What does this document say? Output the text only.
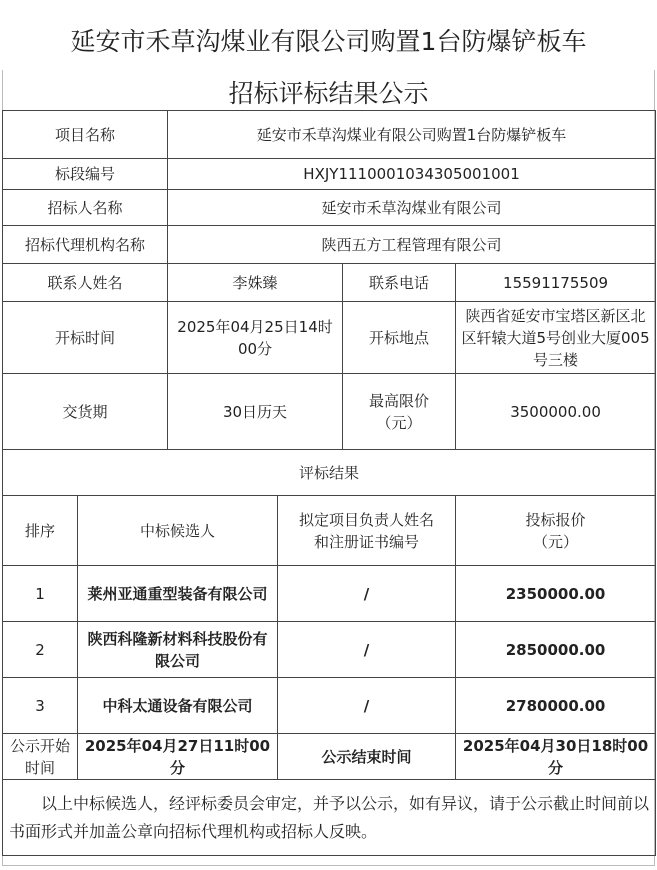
延安市禾草沟煤业有限公司购置1台防爆铲板车
招标评标结果公示
项目名称		延安市禾草沟煤业有限公司购置1台防爆铲板车			
标段编号		HXJY1110001034305001001			
招标人名称		延安市禾草沟煤业有限公司			
招标代理机构名称		陕西五方工程管理有限公司			
联系人姓名		李姝臻		联系电话	15591175509
开标时间		2025年04月25日14时00分		开标地点	陕西省延安市宝塔区新区北区轩辕大道5号创业大厦005号三楼
交货期		30日历天		最高限价（元）	3500000.00
评标结果					
排序	中标候选人		拟定项目负责人姓名和注册证书编号		投标报价（元）
1	莱州亚通重型装备有限公司		/		2350000.00
2	陕西科隆新材料科技股份有限公司		/		2850000.00
3	中科太通设备有限公司		/		2780000.00
公示开始时间	2025年04月27日11时00分		公示结束时间		2025年04月30日18时00分
以上中标候选人，经评标委员会审定，并予以公示，如有异议，请于公示截止时间前以书面形式并加盖公章向招标代理机构或招标人反映。					
